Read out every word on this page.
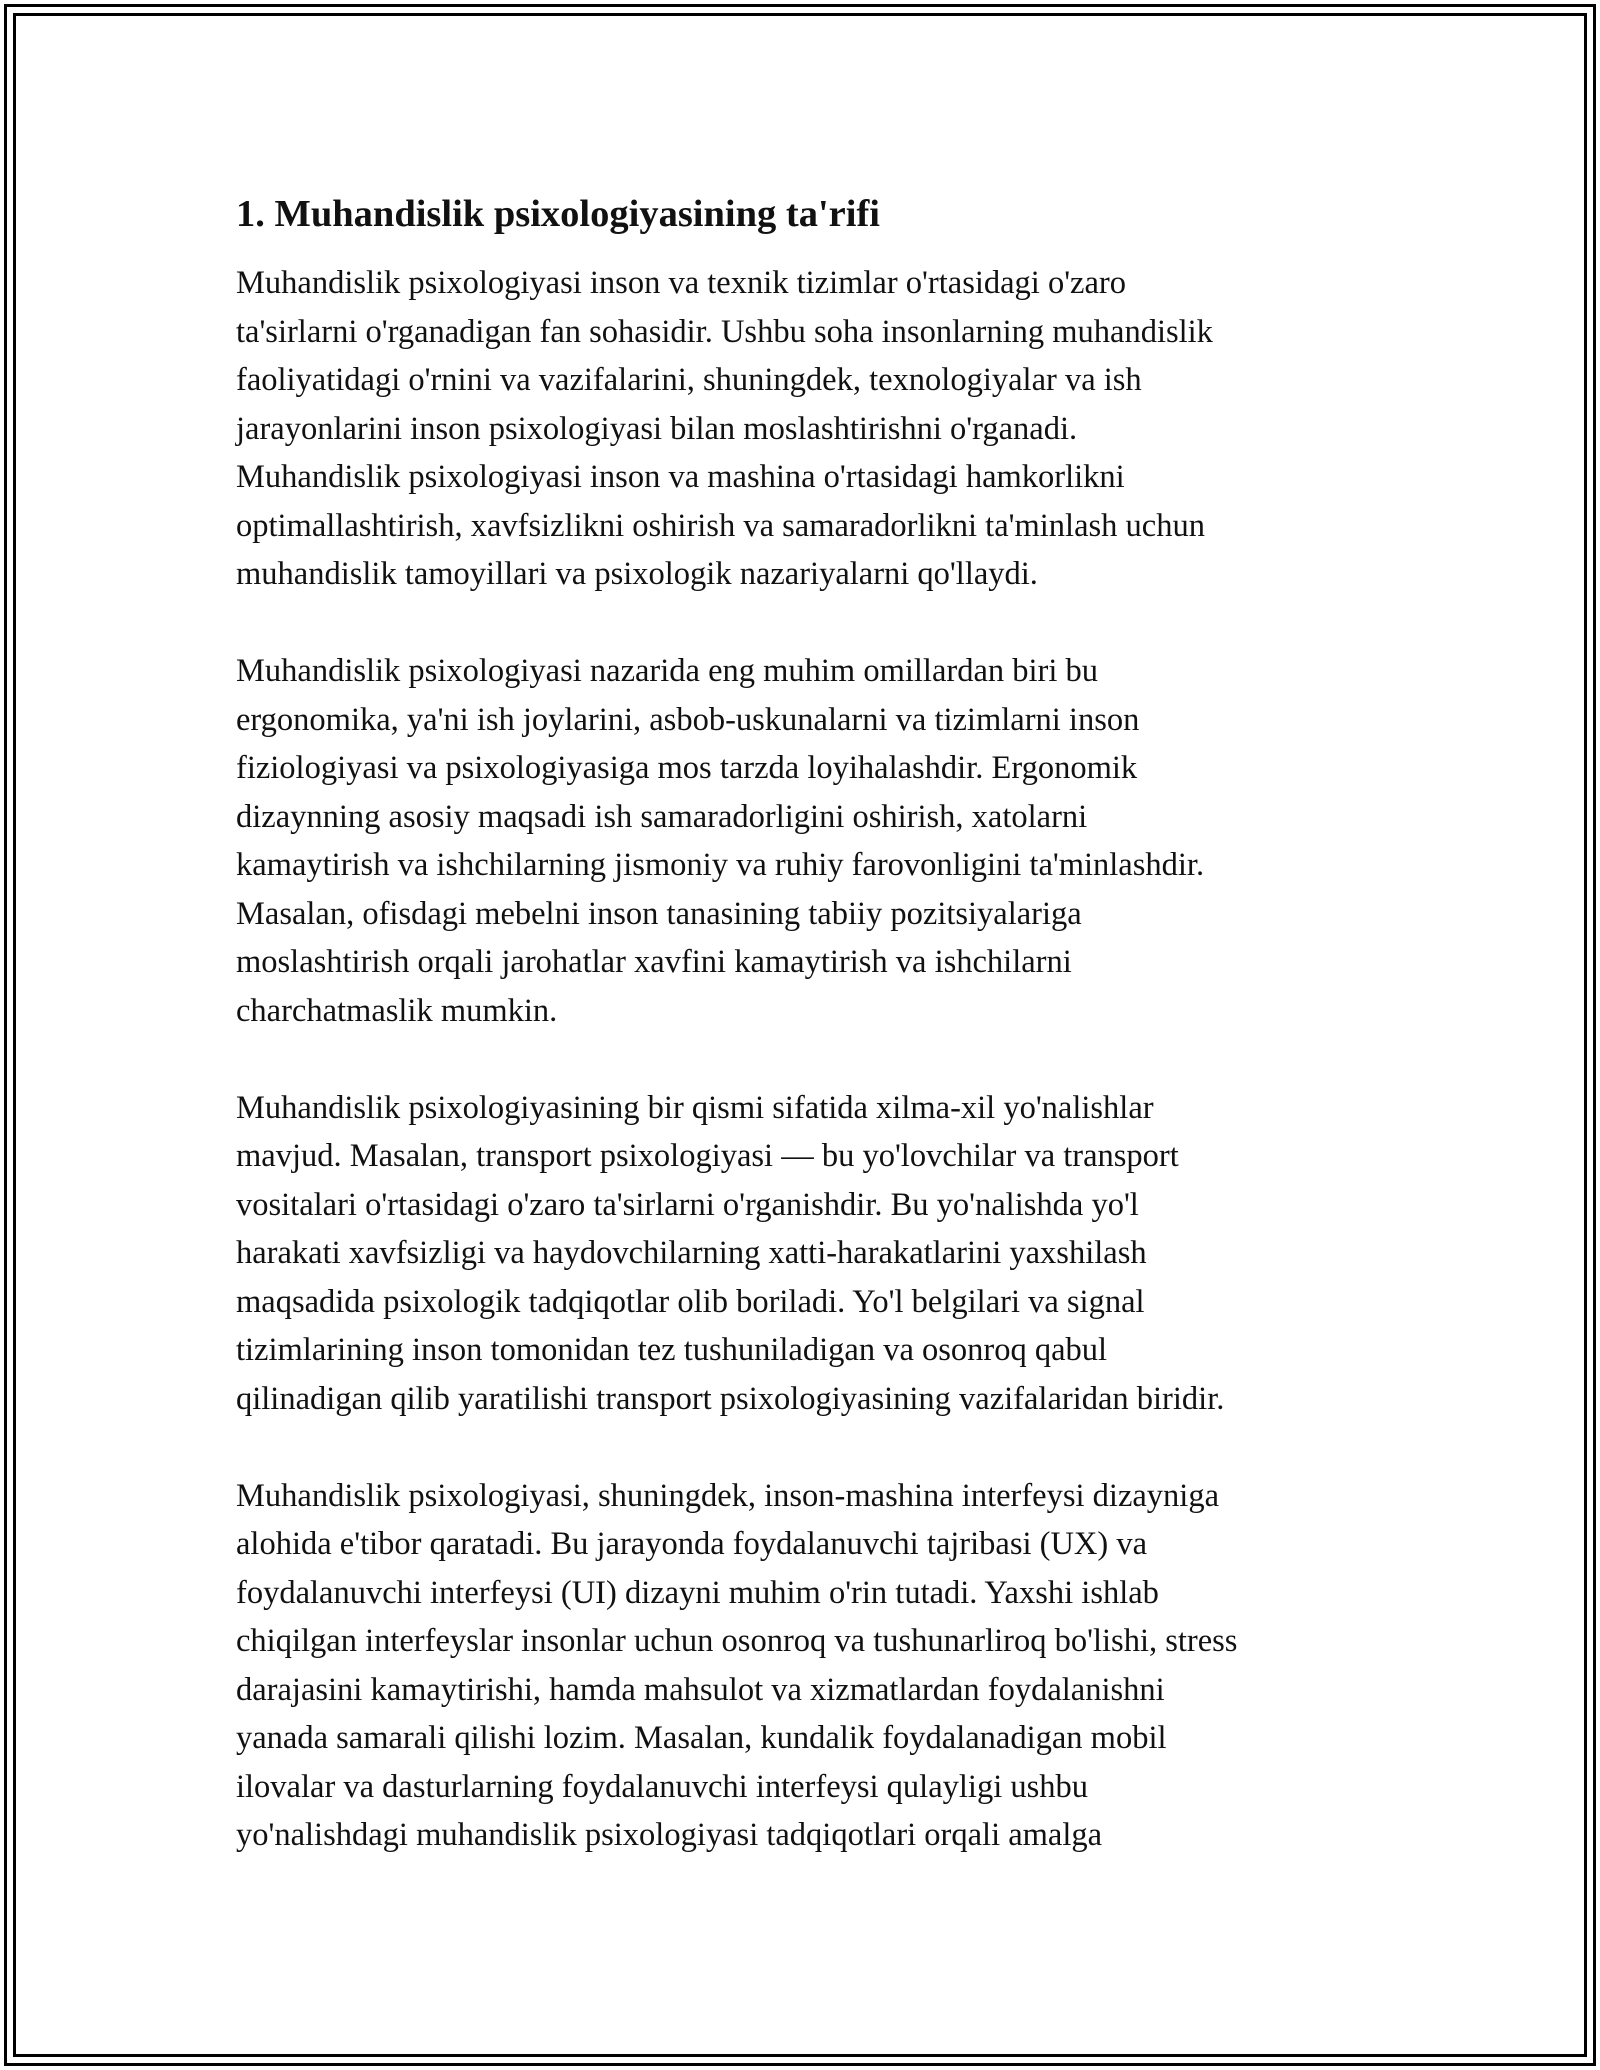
1. Muhandislik psixologiyasining ta'rifi
Muhandislik psixologiyasi inson va texnik tizimlar o'rtasidagi o'zaro
ta'sirlarni o'rganadigan fan sohasidir. Ushbu soha insonlarning muhandislik
faoliyatidagi o'rnini va vazifalarini, shuningdek, texnologiyalar va ish
jarayonlarini inson psixologiyasi bilan moslashtirishni o'rganadi.
Muhandislik psixologiyasi inson va mashina o'rtasidagi hamkorlikni
optimallashtirish, xavfsizlikni oshirish va samaradorlikni ta'minlash uchun
muhandislik tamoyillari va psixologik nazariyalarni qo'llaydi.
Muhandislik psixologiyasi nazarida eng muhim omillardan biri bu
ergonomika, ya'ni ish joylarini, asbob-uskunalarni va tizimlarni inson
fiziologiyasi va psixologiyasiga mos tarzda loyihalashdir. Ergonomik
dizaynning asosiy maqsadi ish samaradorligini oshirish, xatolarni
kamaytirish va ishchilarning jismoniy va ruhiy farovonligini ta'minlashdir.
Masalan, ofisdagi mebelni inson tanasining tabiiy pozitsiyalariga
moslashtirish orqali jarohatlar xavfini kamaytirish va ishchilarni
charchatmaslik mumkin.
Muhandislik psixologiyasining bir qismi sifatida xilma-xil yo'nalishlar
mavjud. Masalan, transport psixologiyasi — bu yo'lovchilar va transport
vositalari o'rtasidagi o'zaro ta'sirlarni o'rganishdir. Bu yo'nalishda yo'l
harakati xavfsizligi va haydovchilarning xatti-harakatlarini yaxshilash
maqsadida psixologik tadqiqotlar olib boriladi. Yo'l belgilari va signal
tizimlarining inson tomonidan tez tushuniladigan va osonroq qabul
qilinadigan qilib yaratilishi transport psixologiyasining vazifalaridan biridir.
Muhandislik psixologiyasi, shuningdek, inson-mashina interfeysi dizayniga
alohida e'tibor qaratadi. Bu jarayonda foydalanuvchi tajribasi (UX) va
foydalanuvchi interfeysi (UI) dizayni muhim o'rin tutadi. Yaxshi ishlab
chiqilgan interfeyslar insonlar uchun osonroq va tushunarliroq bo'lishi, stress
darajasini kamaytirishi, hamda mahsulot va xizmatlardan foydalanishni
yanada samarali qilishi lozim. Masalan, kundalik foydalanadigan mobil
ilovalar va dasturlarning foydalanuvchi interfeysi qulayligi ushbu
yo'nalishdagi muhandislik psixologiyasi tadqiqotlari orqali amalga
